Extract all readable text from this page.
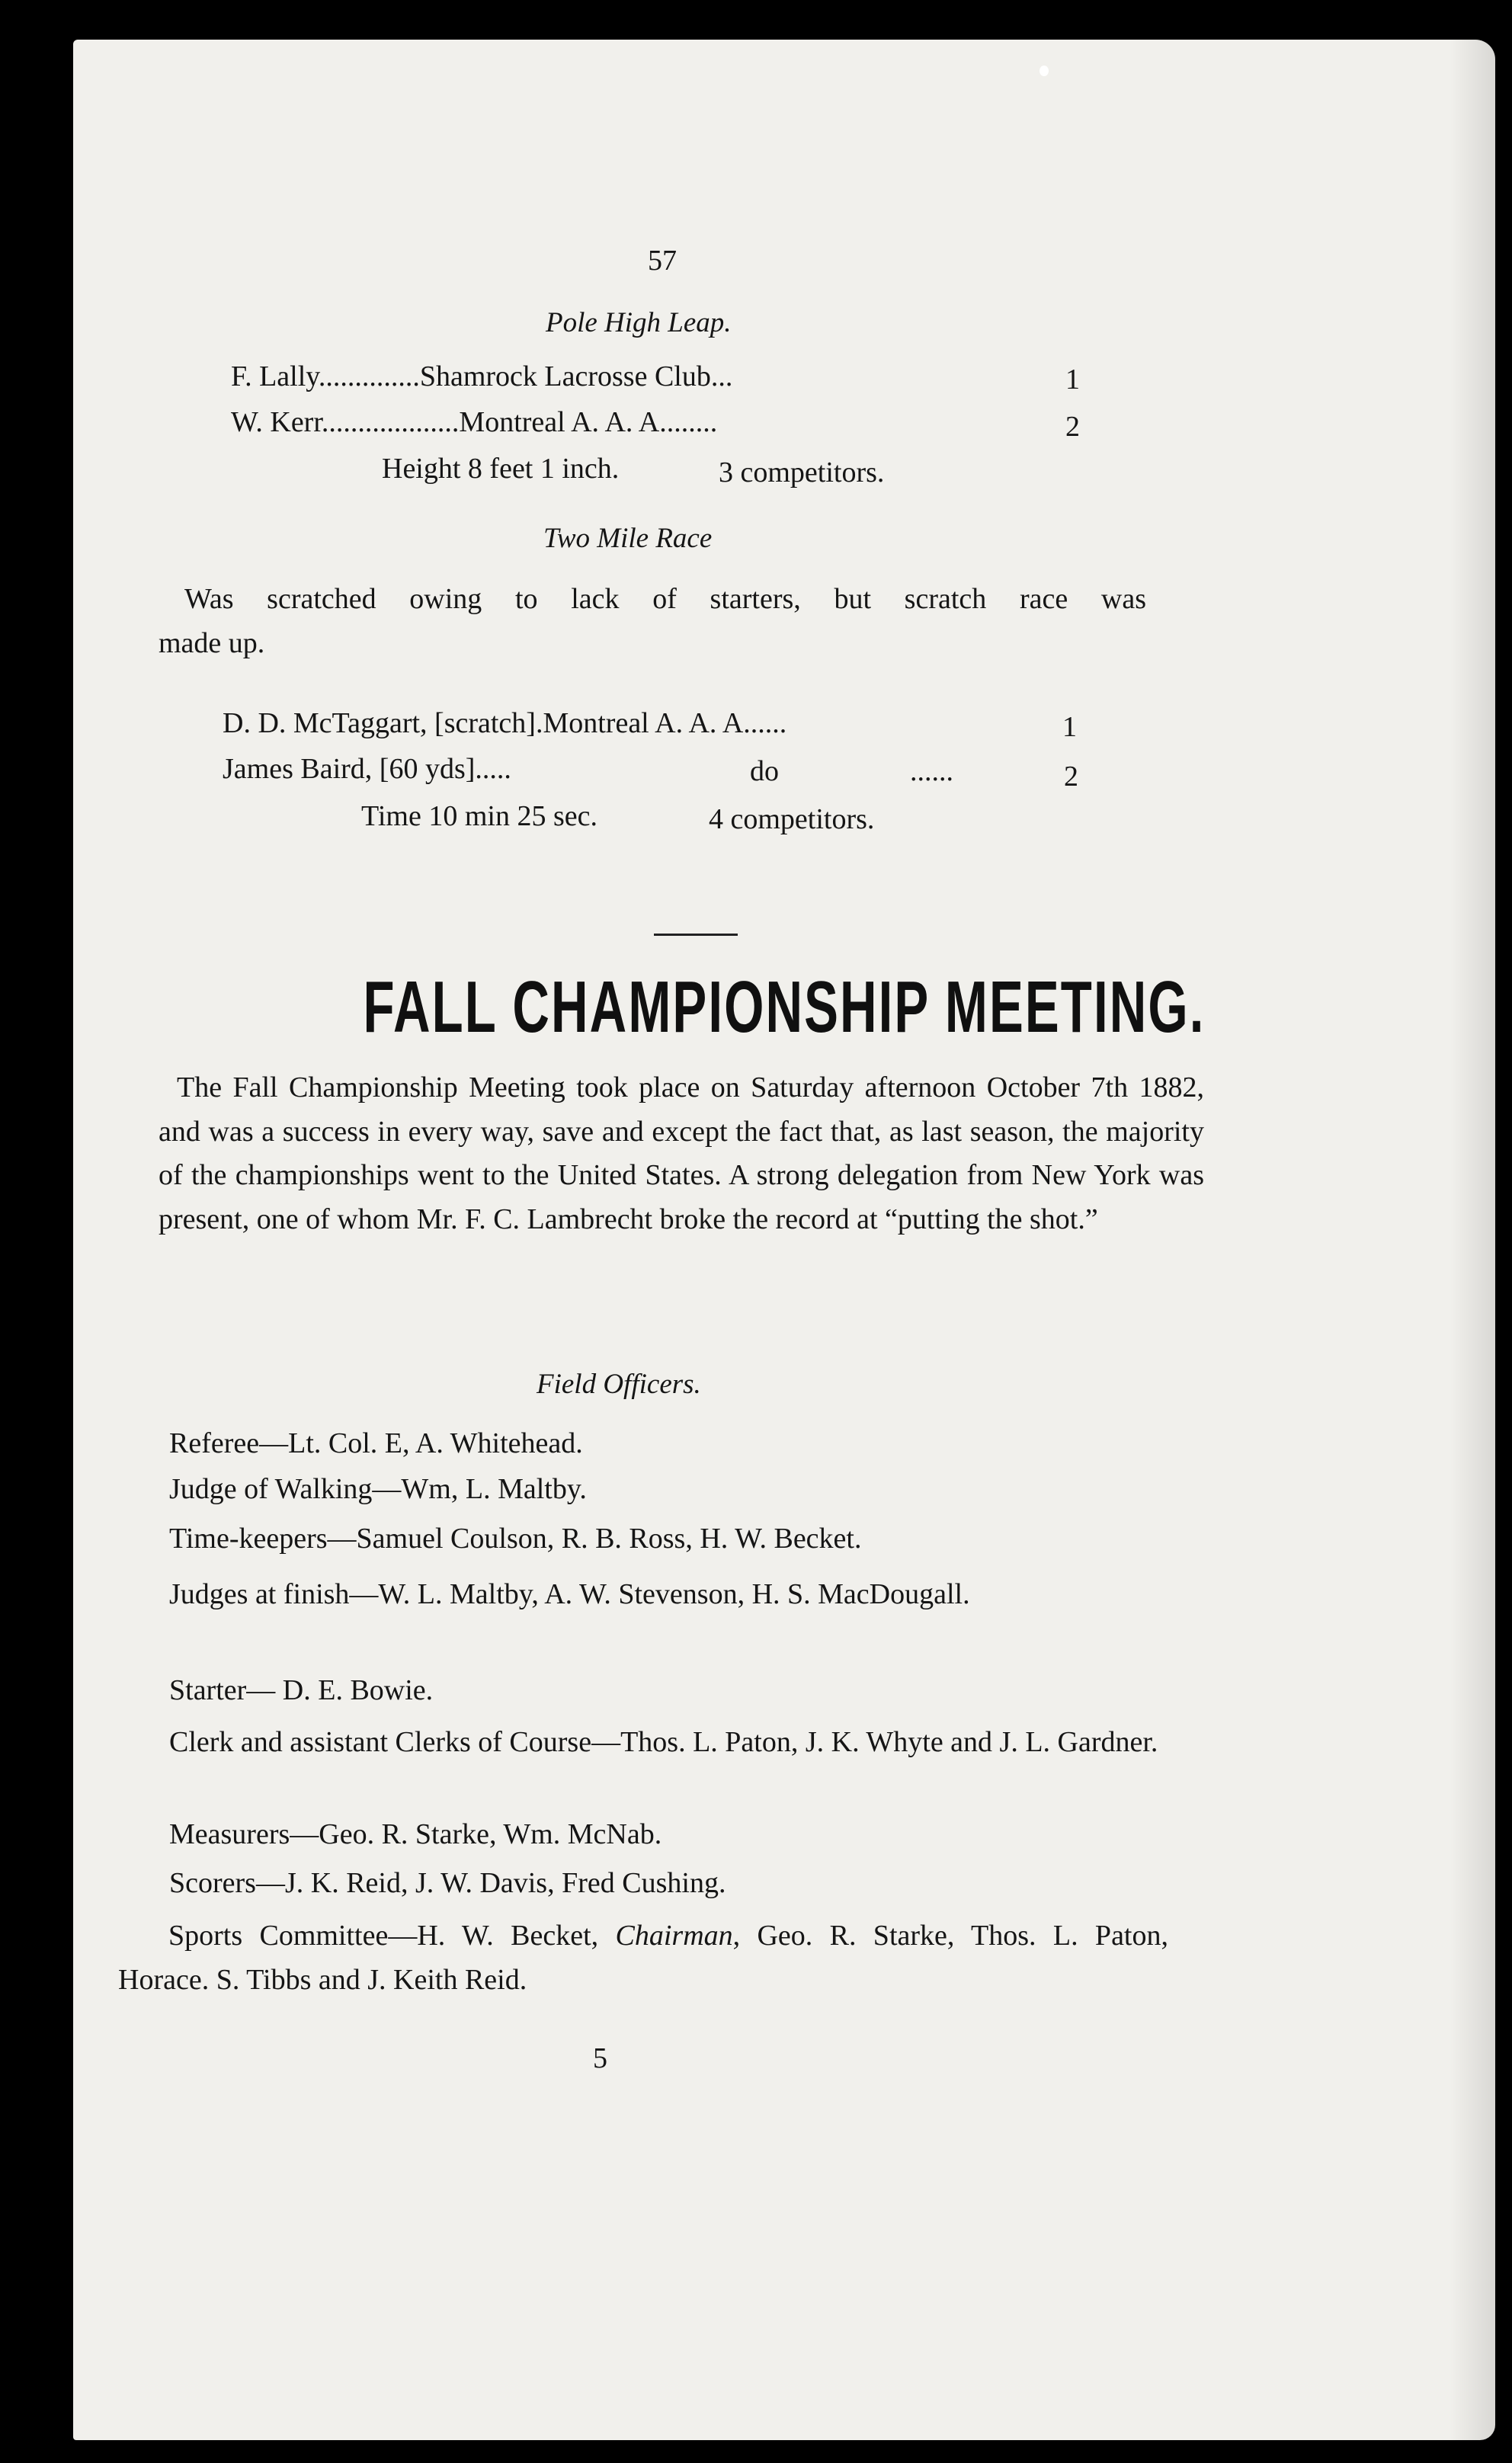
57
Pole High Leap.
F. Lally..............Shamrock Lacrosse Club...	1
W. Kerr...................Montreal A. A. A........	2
Height 8 feet 1 inch.	3 competitors.
Two Mile Race
Was scratched owing to lack of starters, but scratch race was
made up.
D. D. McTaggart, [scratch].Montreal A. A. A......	1
James Baird, [60 yds].....	do	......	2
Time 10 min 25 sec.	4 competitors.
FALL CHAMPIONSHIP MEETING.
The Fall Championship Meeting took place on Saturday afternoon October 7th 1882, and was a success in every way, save and except the fact that, as last season, the majority of the championships went to the United States. A strong delegation from New York was present, one of whom Mr. F. C. Lambrecht broke the record at “putting the shot.”
Field Officers.
Referee—Lt. Col. E, A. Whitehead.
Judge of Walking—Wm, L. Maltby.
Time-keepers—Samuel Coulson, R. B. Ross, H. W. Becket.
Judges at finish—W. L. Maltby, A. W. Stevenson, H. S. MacDougall.
Starter— D. E. Bowie.
Clerk and assistant Clerks of Course—Thos. L. Paton, J. K. Whyte and J. L. Gardner.
Measurers—Geo. R. Starke, Wm. McNab.
Scorers—J. K. Reid, J. W. Davis, Fred Cushing.
Sports Committee—H. W. Becket, Chairman, Geo. R. Starke, Thos. L. Paton, Horace. S. Tibbs and J. Keith Reid.
5
